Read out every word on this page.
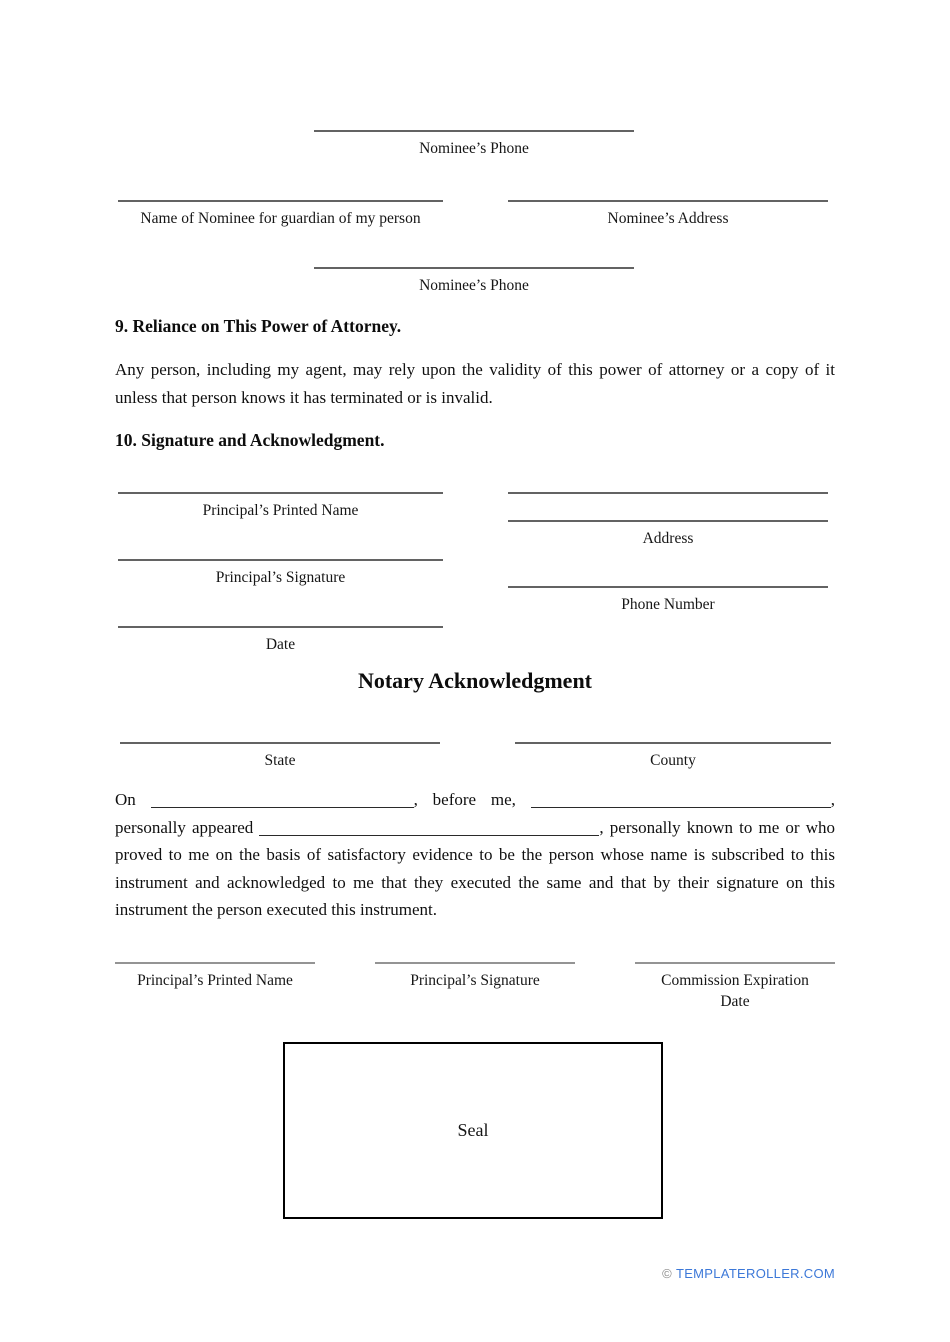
Nominee’s Phone
Name of Nominee for guardian of my person	Nominee’s Address
Nominee’s Phone
9. Reliance on This Power of Attorney.

Any person, including my agent, may rely upon the validity of this power of attorney or a copy of it unless that person knows it has terminated or is invalid.

10. Signature and Acknowledgment.
Principal’s Printed Name
Principal’s Signature
Date
Address
Phone Number
Notary Acknowledgment
State	County

On	, before me,	, personally appeared	, personally known to me or who proved to me on the basis of satisfactory evidence to be the person whose name is subscribed to this instrument and acknowledged to me that they executed the same and that by their signature on this instrument the person executed this instrument.

Principal’s Printed Name	Principal’s Signature	Commission Expiration Date
Seal
© TEMPLATEROLLER.COM
